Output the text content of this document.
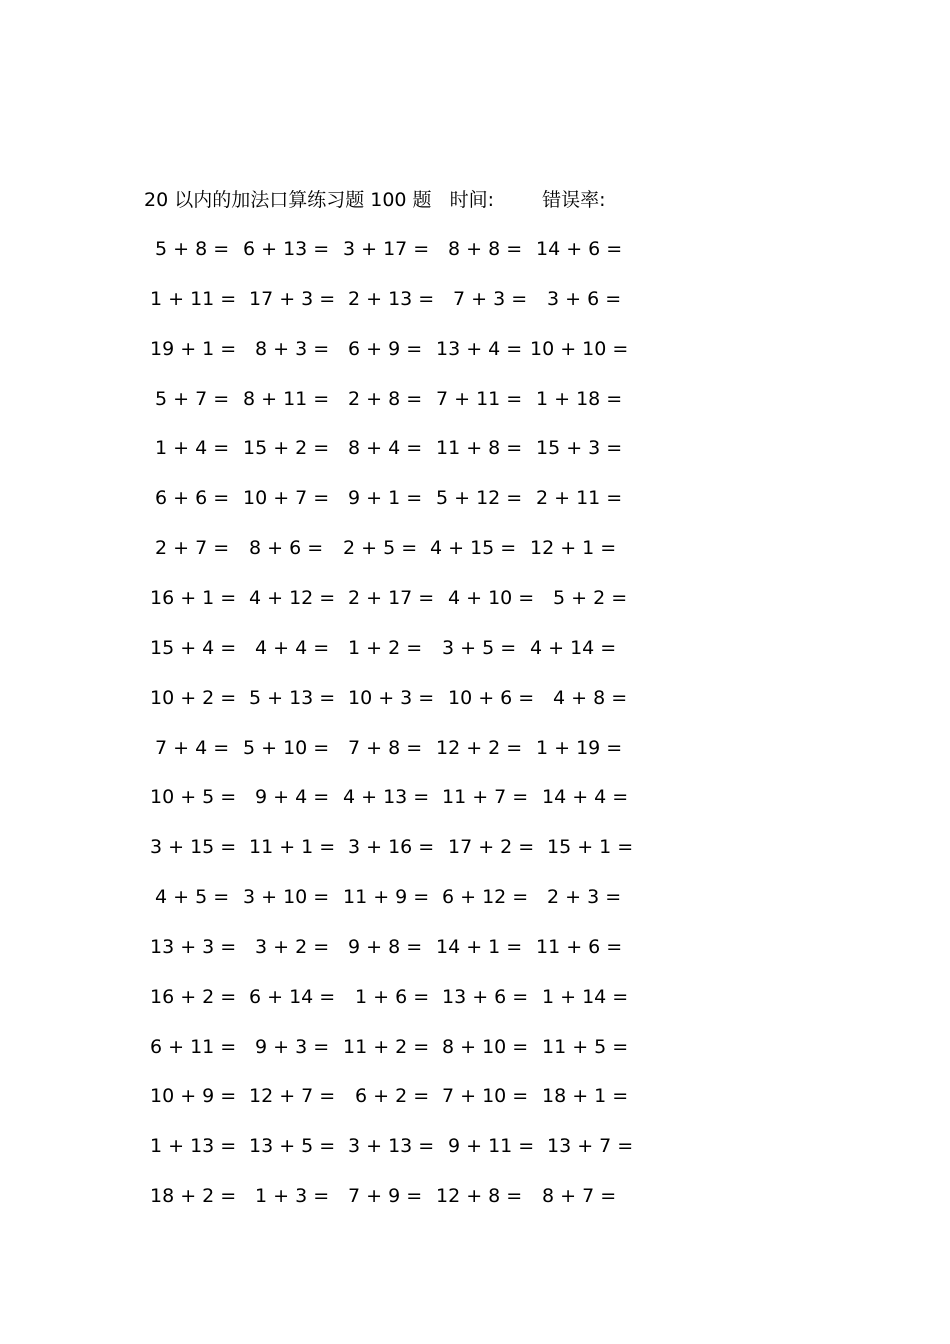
20 以内的加法口算练习题 100 题 时间:	错误率:
5 + 8 = 6 + 13 = 3 + 17 = 8 + 8 = 14 + 6 =
1 + 11 = 17 + 3 = 2 + 13 = 7 + 3 = 3 + 6 =
19 + 1 = 8 + 3 = 6 + 9 = 13 + 4 = 10 + 10 =
5 + 7 = 8 + 11 = 2 + 8 = 7 + 11 = 1 + 18 =
1 + 4 = 15 + 2 = 8 + 4 = 11 + 8 = 15 + 3 =
6 + 6 = 10 + 7 = 9 + 1 = 5 + 12 = 2 + 11 =
2 + 7 = 8 + 6 = 2 + 5 = 4 + 15 = 12 + 1 =
16 + 1 = 4 + 12 = 2 + 17 = 4 + 10 = 5 + 2 =
15 + 4 = 4 + 4 = 1 + 2 = 3 + 5 = 4 + 14 =
10 + 2 = 5 + 13 = 10 + 3 = 10 + 6 = 4 + 8 =
7 + 4 = 5 + 10 = 7 + 8 = 12 + 2 = 1 + 19 =
10 + 5 = 9 + 4 = 4 + 13 = 11 + 7 = 14 + 4 =
3 + 15 = 11 + 1 = 3 + 16 = 17 + 2 = 15 + 1 =
4 + 5 = 3 + 10 = 11 + 9 = 6 + 12 = 2 + 3 =
13 + 3 = 3 + 2 = 9 + 8 = 14 + 1 = 11 + 6 =
16 + 2 = 6 + 14 = 1 + 6 = 13 + 6 = 1 + 14 =
6 + 11 = 9 + 3 = 11 + 2 = 8 + 10 = 11 + 5 =
10 + 9 = 12 + 7 = 6 + 2 = 7 + 10 = 18 + 1 =
1 + 13 = 13 + 5 = 3 + 13 = 9 + 11 = 13 + 7 =
18 + 2 = 1 + 3 = 7 + 9 = 12 + 8 = 8 + 7 =
